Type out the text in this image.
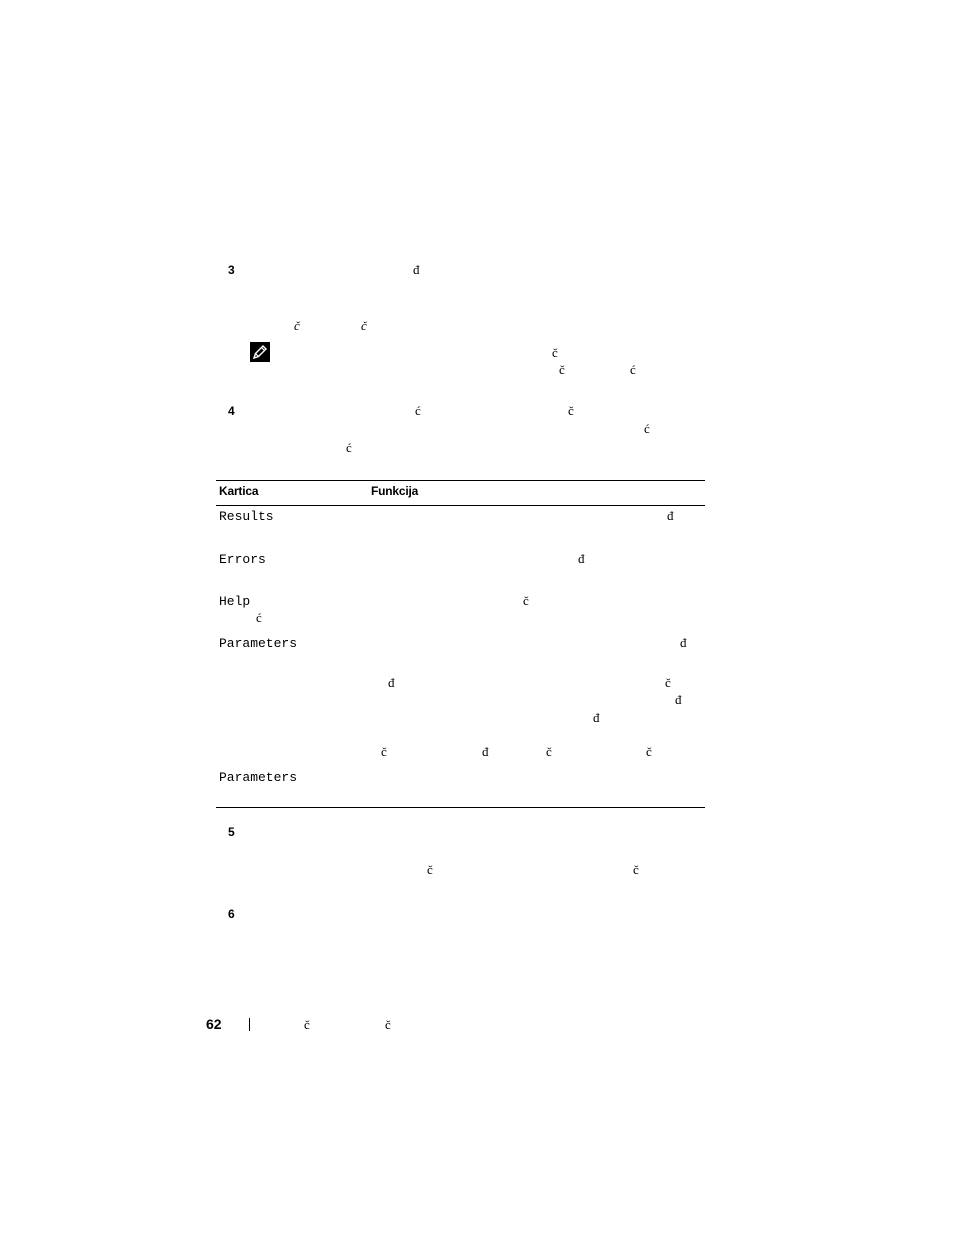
3	đ
č	č
č
č	ć
4	ć	č
ć
ć
Kartica	Funkcija
Results	đ
Errors	đ
Help	č
ć
Parameters	đ
đ	č
đ
đ
č	đ	č	č
Parameters
5
č	č
6
62	č	č
